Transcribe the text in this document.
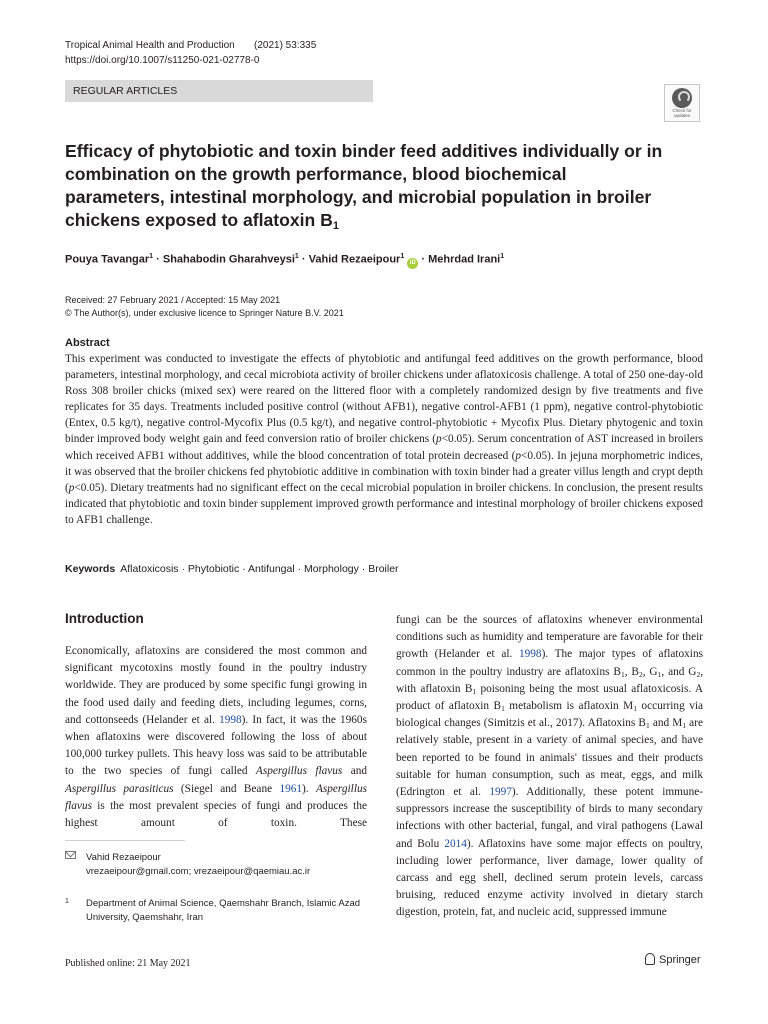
Tropical Animal Health and Production (2021) 53:335
https://doi.org/10.1007/s11250-021-02778-0
REGULAR ARTICLES
Check for
updates
Efficacy of phytobiotic and toxin binder feed additives individually or in combination on the growth performance, blood biochemical parameters, intestinal morphology, and microbial population in broiler chickens exposed to aflatoxin $B_1$
Pouya Tavangar$^1$ · Shahabodin Gharahveysi$^1$ · Vahid Rezaeipour$^1$ iD · Mehrdad Irani$^1$
Received: 27 February 2021 / Accepted: 15 May 2021
© The Author(s), under exclusive licence to Springer Nature B.V. 2021
Abstract

This experiment was conducted to investigate the effects of phytobiotic and antifungal feed additives on the growth performance, blood parameters, intestinal morphology, and cecal microbiota activity of broiler chickens under aflatoxicosis challenge. A total of 250 one-day-old Ross 308 broiler chicks (mixed sex) were reared on the littered floor with a completely randomized design by five treatments and five replicates for 35 days. Treatments included positive control (without AFB1), negative control-AFB1 (1 ppm), negative control-phytobiotic (Entex, 0.5 kg/t), negative control-Mycofix Plus (0.5 kg/t), and negative control-phytobiotic + Mycofix Plus. Dietary phytogenic and toxin binder improved body weight gain and feed conversion ratio of broiler chickens (p<0.05). Serum concentration of AST increased in broilers which received AFB1 without additives, while the blood concentration of total protein decreased (p<0.05). In jejuna morphometric indices, it was observed that the broiler chickens fed phytobiotic additive in combination with toxin binder had a greater villus length and crypt depth (p<0.05). Dietary treatments had no significant effect on the cecal microbial population in broiler chickens. In conclusion, the present results indicated that phytobiotic and toxin binder supplement improved growth performance and intestinal morphology of broiler chickens exposed to AFB1 challenge.

Keywords Aflatoxicosis · Phytobiotic · Antifungal · Morphology · Broiler
Introduction

Economically, aflatoxins are considered the most common and significant mycotoxins mostly found in the poultry industry worldwide. They are produced by some specific fungi growing in the food used daily and feeding diets, including legumes, corns, and cottonseeds (Helander et al. 1998). In fact, it was the 1960s when aflatoxins were discovered following the loss of about 100,000 turkey pullets. This heavy loss was said to be attributable to the two species of fungi called Aspergillus flavus and Aspergillus parasiticus (Siegel and Beane 1961). Aspergillus flavus is the most prevalent species of fungi and produces the highest amount of toxin. These

fungi can be the sources of aflatoxins whenever environmental conditions such as humidity and temperature are favorable for their growth (Helander et al. 1998). The major types of aflatoxins common in the poultry industry are aflatoxins $B_1$, $B_2$, $G_1$, and $G_2$, with aflatoxin $B_1$ poisoning being the most usual aflatoxicosis. A product of aflatoxin $B_1$ metabolism is aflatoxin $M_1$ occurring via biological changes (Simitzis et al., 2017). Aflatoxins $B_1$ and $M_1$ are relatively stable, present in a variety of animal species, and have been reported to be found in animals' tissues and their products suitable for human consumption, such as meat, eggs, and milk (Edrington et al. 1997). Additionally, these potent immune-suppressors increase the susceptibility of birds to many secondary infections with other bacterial, fungal, and viral pathogens (Lawal and Bolu 2014). Aflatoxins have some major effects on poultry, including lower performance, liver damage, lower quality of carcass and egg shell, declined serum protein levels, carcass bruising, reduced enzyme activity involved in dietary starch digestion, protein, fat, and nucleic acid, suppressed immune

Vahid Rezaeipour
vrezaeipour@gmail.com; vrezaeipour@qaemiau.ac.ir
1 Department of Animal Science, Qaemshahr Branch, Islamic Azad University, Qaemshahr, Iran
Published online: 21 May 2021	Springer
